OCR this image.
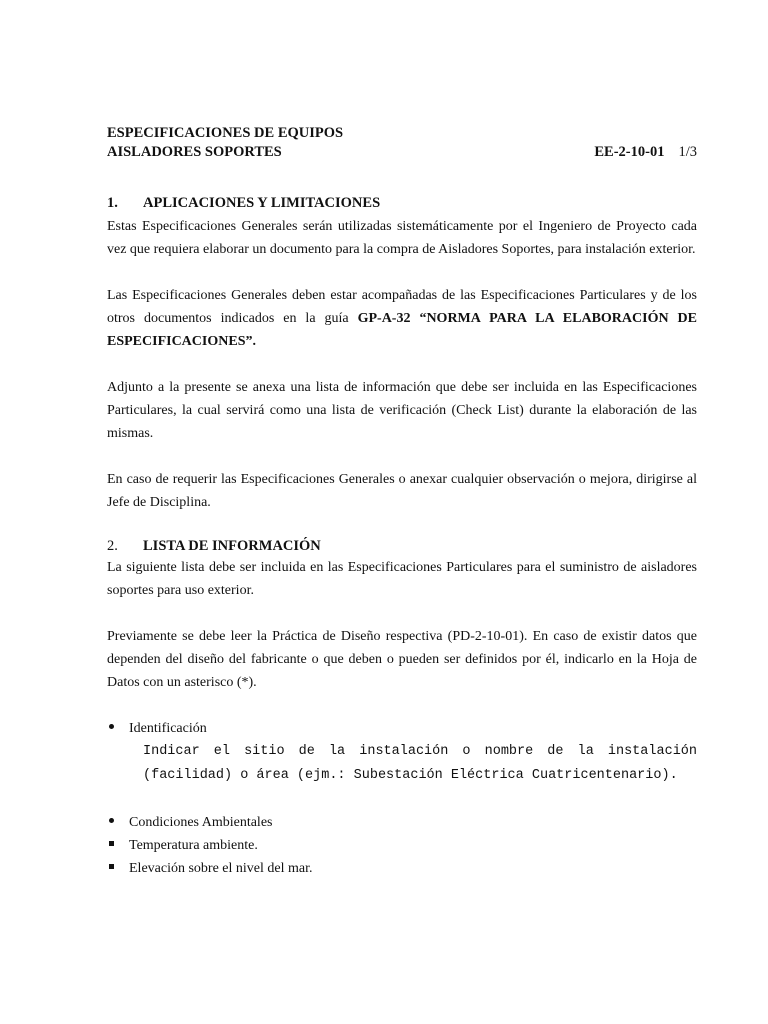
ESPECIFICACIONES DE EQUIPOS
AISLADORES SOPORTES	EE-2-10-01 1/3
1. APLICACIONES Y LIMITACIONES

Estas Especificaciones Generales serán utilizadas sistemáticamente por el Ingeniero de Proyecto cada vez que requiera elaborar un documento para la compra de Aisladores Soportes, para instalación exterior.

Las Especificaciones Generales deben estar acompañadas de las Especificaciones Particulares y de los otros documentos indicados en la guía GP-A-32 “NORMA PARA LA ELABORACIÓN DE ESPECIFICACIONES”.

Adjunto a la presente se anexa una lista de información que debe ser incluida en las Especificaciones Particulares, la cual servirá como una lista de verificación (Check List) durante la elaboración de las mismas.

En caso de requerir las Especificaciones Generales o anexar cualquier observación o mejora, dirigirse al Jefe de Disciplina.

2. LISTA DE INFORMACIÓN

La siguiente lista debe ser incluida en las Especificaciones Particulares para el suministro de aisladores soportes para uso exterior.

Previamente se debe leer la Práctica de Diseño respectiva (PD-2-10-01). En caso de existir datos que dependen del diseño del fabricante o que deben o pueden ser definidos por él, indicarlo en la Hoja de Datos con un asterisco (*).

Identificación
Indicar el sitio de la instalación o nombre de la instalación (facilidad) o área (ejm.: Subestación Eléctrica Cuatricentenario).
Condiciones Ambientales
Temperatura ambiente.
Elevación sobre el nivel del mar.
